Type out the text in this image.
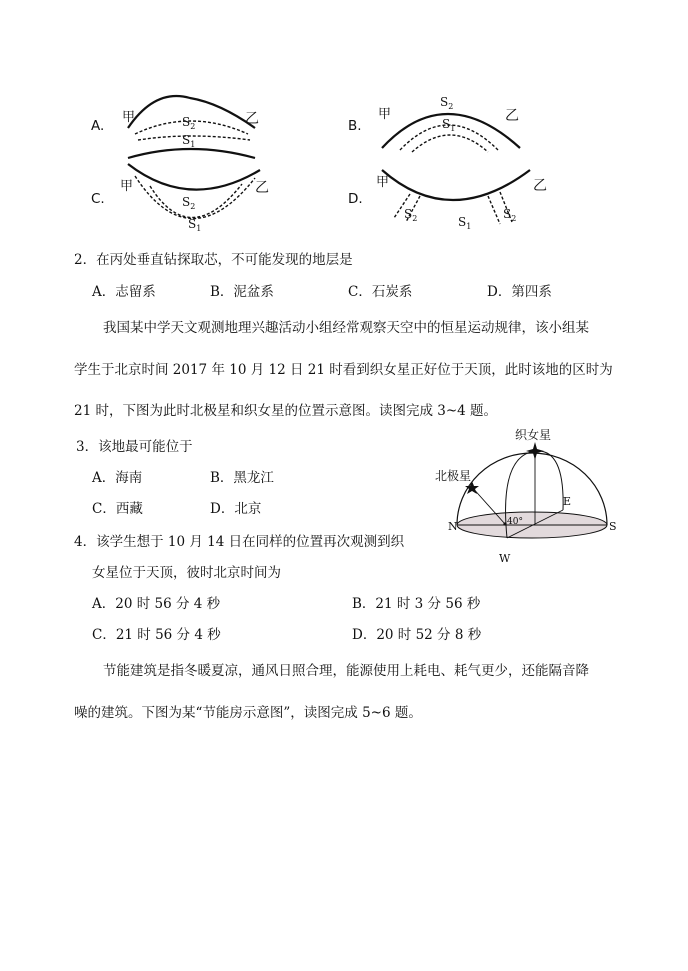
A.
甲	乙
$S_2$
$S_1$
B.
甲	乙
$S_2$
$S_1$
C.
甲	乙
$S_2$
$S_1$
D.
甲	乙
$S_2$	$S_1$
$S_2$
2．在丙处垂直钻探取芯，不可能发现的地层是
A．志留系	B．泥盆系	C．石炭系	D．第四系
我国某中学天文观测地理兴趣活动小组经常观察天空中的恒星运动规律，该小组某
学生于北京时间 2017 年 10 月 12 日 21 时看到织女星正好位于天顶，此时该地的区时为
21 时，下图为此时北极星和织女星的位置示意图。读图完成 3~4 题。
3．该地最可能位于
A．海南	B．黑龙江
C．西藏	D．北京
4．该学生想于 10 月 14 日在同样的位置再次观测到织
女星位于天顶，彼时北京时间为
A．20 时 56 分 4 秒	B．21 时 3 分 56 秒
C．21 时 56 分 4 秒	D．20 时 52 分 8 秒
织女星
北极星
N	S
E
W
40°
节能建筑是指冬暖夏凉，通风日照合理，能源使用上耗电、耗气更少，还能隔音降
噪的建筑。下图为某“节能房示意图”，读图完成 5~6 题。
